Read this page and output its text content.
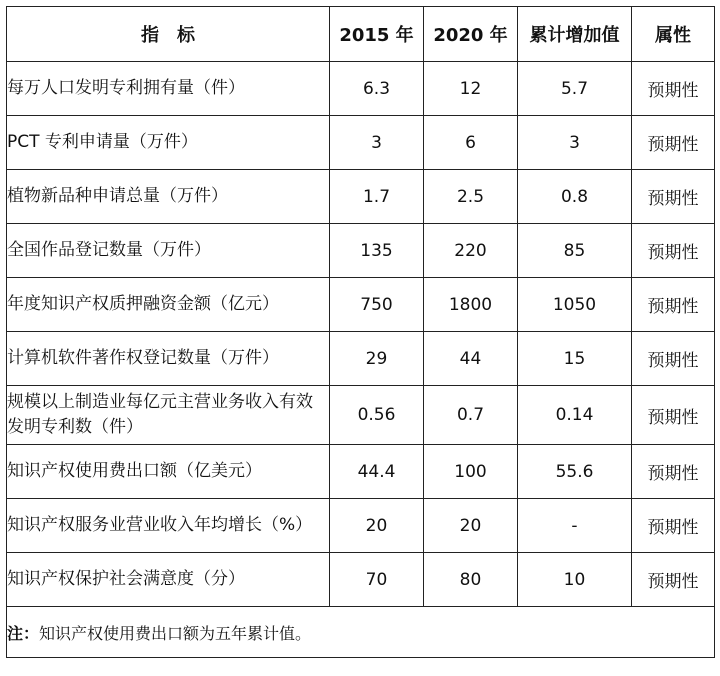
指　标	2015 年	2020 年	累计增加值	属性
每万人口发明专利拥有量（件）	6.3	12	5.7	预期性
PCT 专利申请量（万件）	3	6	3	预期性
植物新品种申请总量（万件）	1.7	2.5	0.8	预期性
全国作品登记数量（万件）	135	220	85	预期性
年度知识产权质押融资金额（亿元）	750	1800	1050	预期性
计算机软件著作权登记数量（万件）	29	44	15	预期性
规模以上制造业每亿元主营业务收入有效发明专利数（件）	0.56	0.7	0.14	预期性
知识产权使用费出口额（亿美元）	44.4	100	55.6	预期性
知识产权服务业营业收入年均增长（%）	20	20	-	预期性
知识产权保护社会满意度（分）	70	80	10	预期性
注：知识产权使用费出口额为五年累计值。				
